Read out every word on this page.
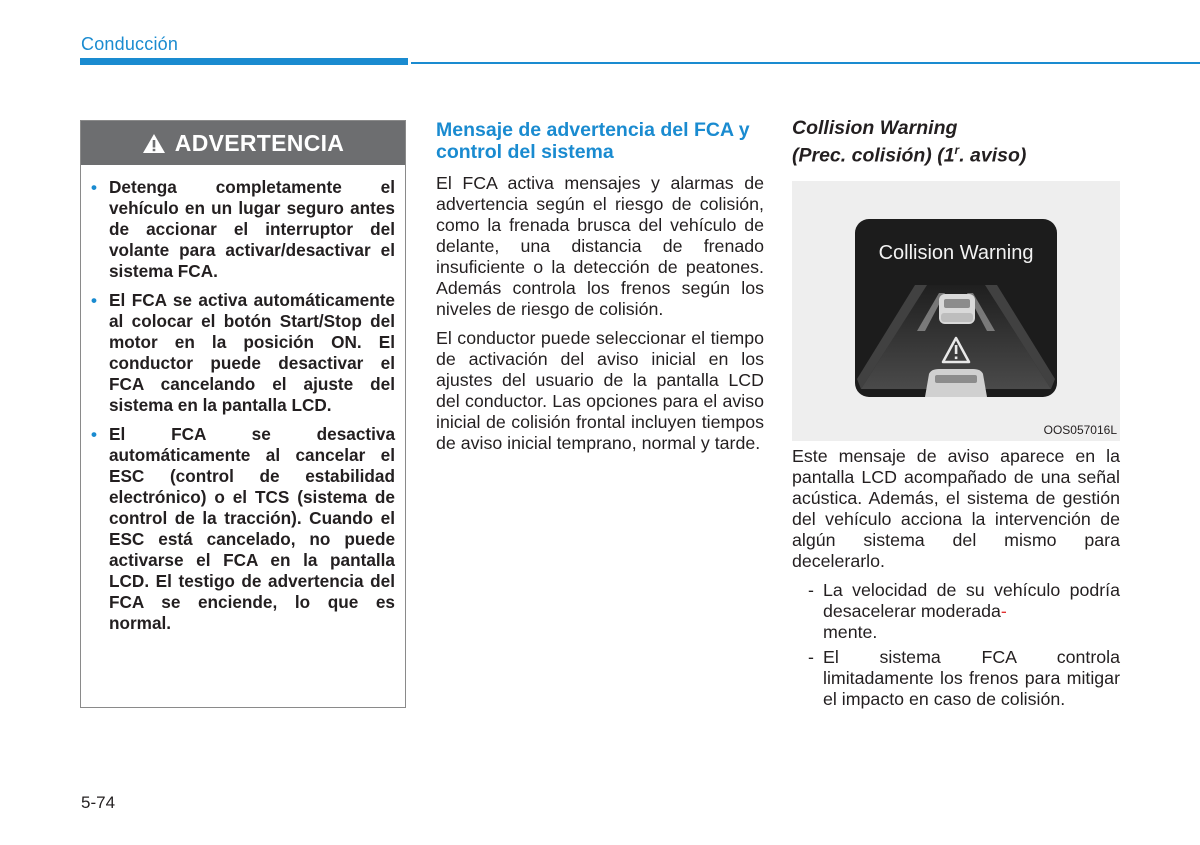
Conducción
ADVERTENCIA
• Detenga completamente el vehículo en un lugar seguro antes de accionar el interruptor del volante para activar/desactivar el sistema FCA.
• El FCA se activa automáticamente al colocar el botón Start/Stop del motor en la posición ON. El conductor puede desactivar el FCA cancelando el ajuste del sistema en la pantalla LCD.
• El FCA se desactiva automáticamente al cancelar el ESC (control de estabilidad electrónico) o el TCS (sistema de control de la tracción). Cuando el ESC está cancelado, no puede activarse el FCA en la pantalla LCD. El testigo de advertencia del FCA se enciende, lo que es normal.
Mensaje de advertencia del FCA y control del sistema

El FCA activa mensajes y alarmas de advertencia según el riesgo de colisión, como la frenada brusca del vehículo de delante, una distancia de frenado insuficiente o la detección de peatones. Además controla los frenos según los niveles de riesgo de colisión.

El conductor puede seleccionar el tiempo de activación del aviso inicial en los ajustes del usuario de la pantalla LCD del conductor. Las opciones para el aviso inicial de colisión frontal incluyen tiempos de aviso inicial temprano, normal y tarde.

Collision Warning
(Prec. colisión) (1$^r$. aviso)
Collision Warning
OOS057016L

Este mensaje de aviso aparece en la pantalla LCD acompañado de una señal acústica. Además, el sistema de gestión del vehículo acciona la intervención de algún sistema del mismo para decelerarlo.

- La velocidad de su vehículo podría desacelerar moderada-
mente.
- El sistema FCA controla limitadamente los frenos para mitigar el impacto en caso de colisión.
5-74
